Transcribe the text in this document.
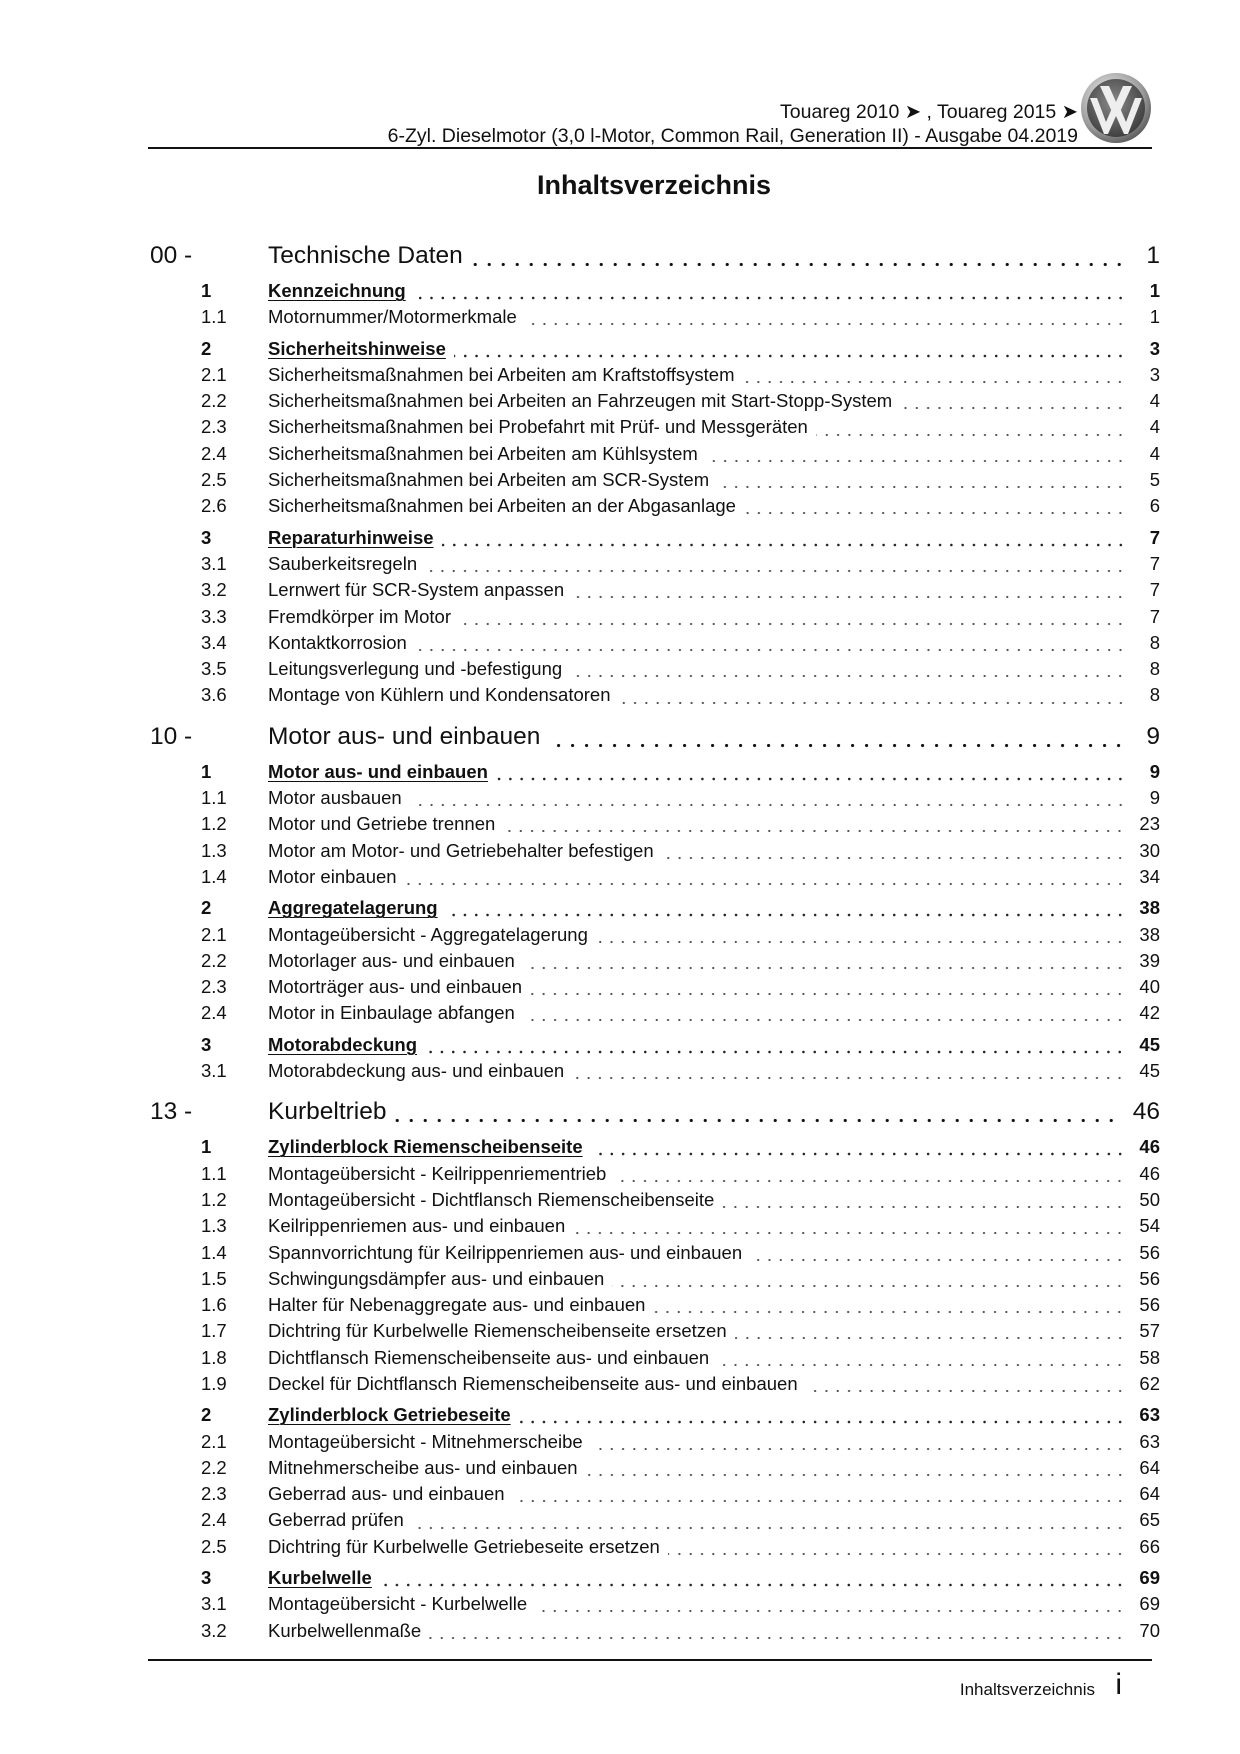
Touareg 2010 ➤ , Touareg 2015 ➤
6-Zyl. Dieselmotor (3,0 l-Motor, Common Rail, Generation II) - Ausgabe 04.2019
Inhaltsverzeichnis
00 -	Technische Daten	1
1	Kennzeichnung	1
1.1	Motornummer/Motormerkmale	1
2	Sicherheitshinweise	3
2.1	Sicherheitsmaßnahmen bei Arbeiten am Kraftstoffsystem	3
2.2	Sicherheitsmaßnahmen bei Arbeiten an Fahrzeugen mit Start-Stopp-System	4
2.3	Sicherheitsmaßnahmen bei Probefahrt mit Prüf- und Messgeräten	4
2.4	Sicherheitsmaßnahmen bei Arbeiten am Kühlsystem	4
2.5	Sicherheitsmaßnahmen bei Arbeiten am SCR-System	5
2.6	Sicherheitsmaßnahmen bei Arbeiten an der Abgasanlage	6
3	Reparaturhinweise	7
3.1	Sauberkeitsregeln	7
3.2	Lernwert für SCR-System anpassen	7
3.3	Fremdkörper im Motor	7
3.4	Kontaktkorrosion	8
3.5	Leitungsverlegung und -befestigung	8
3.6	Montage von Kühlern und Kondensatoren	8
10 -	Motor aus- und einbauen	9
1	Motor aus- und einbauen	9
1.1	Motor ausbauen	9
1.2	Motor und Getriebe trennen	23
1.3	Motor am Motor- und Getriebehalter befestigen	30
1.4	Motor einbauen	34
2	Aggregatelagerung	38
2.1	Montageübersicht - Aggregatelagerung	38
2.2	Motorlager aus- und einbauen	39
2.3	Motorträger aus- und einbauen	40
2.4	Motor in Einbaulage abfangen	42
3	Motorabdeckung	45
3.1	Motorabdeckung aus- und einbauen	45
13 -	Kurbeltrieb	46
1	Zylinderblock Riemenscheibenseite	46
1.1	Montageübersicht - Keilrippenriementrieb	46
1.2	Montageübersicht - Dichtflansch Riemenscheibenseite	50
1.3	Keilrippenriemen aus- und einbauen	54
1.4	Spannvorrichtung für Keilrippenriemen aus- und einbauen	56
1.5	Schwingungsdämpfer aus- und einbauen	56
1.6	Halter für Nebenaggregate aus- und einbauen	56
1.7	Dichtring für Kurbelwelle Riemenscheibenseite ersetzen	57
1.8	Dichtflansch Riemenscheibenseite aus- und einbauen	58
1.9	Deckel für Dichtflansch Riemenscheibenseite aus- und einbauen	62
2	Zylinderblock Getriebeseite	63
2.1	Montageübersicht - Mitnehmerscheibe	63
2.2	Mitnehmerscheibe aus- und einbauen	64
2.3	Geberrad aus- und einbauen	64
2.4	Geberrad prüfen	65
2.5	Dichtring für Kurbelwelle Getriebeseite ersetzen	66
3	Kurbelwelle	69
3.1	Montageübersicht - Kurbelwelle	69
3.2	Kurbelwellenmaße	70
Inhaltsverzeichnis i
